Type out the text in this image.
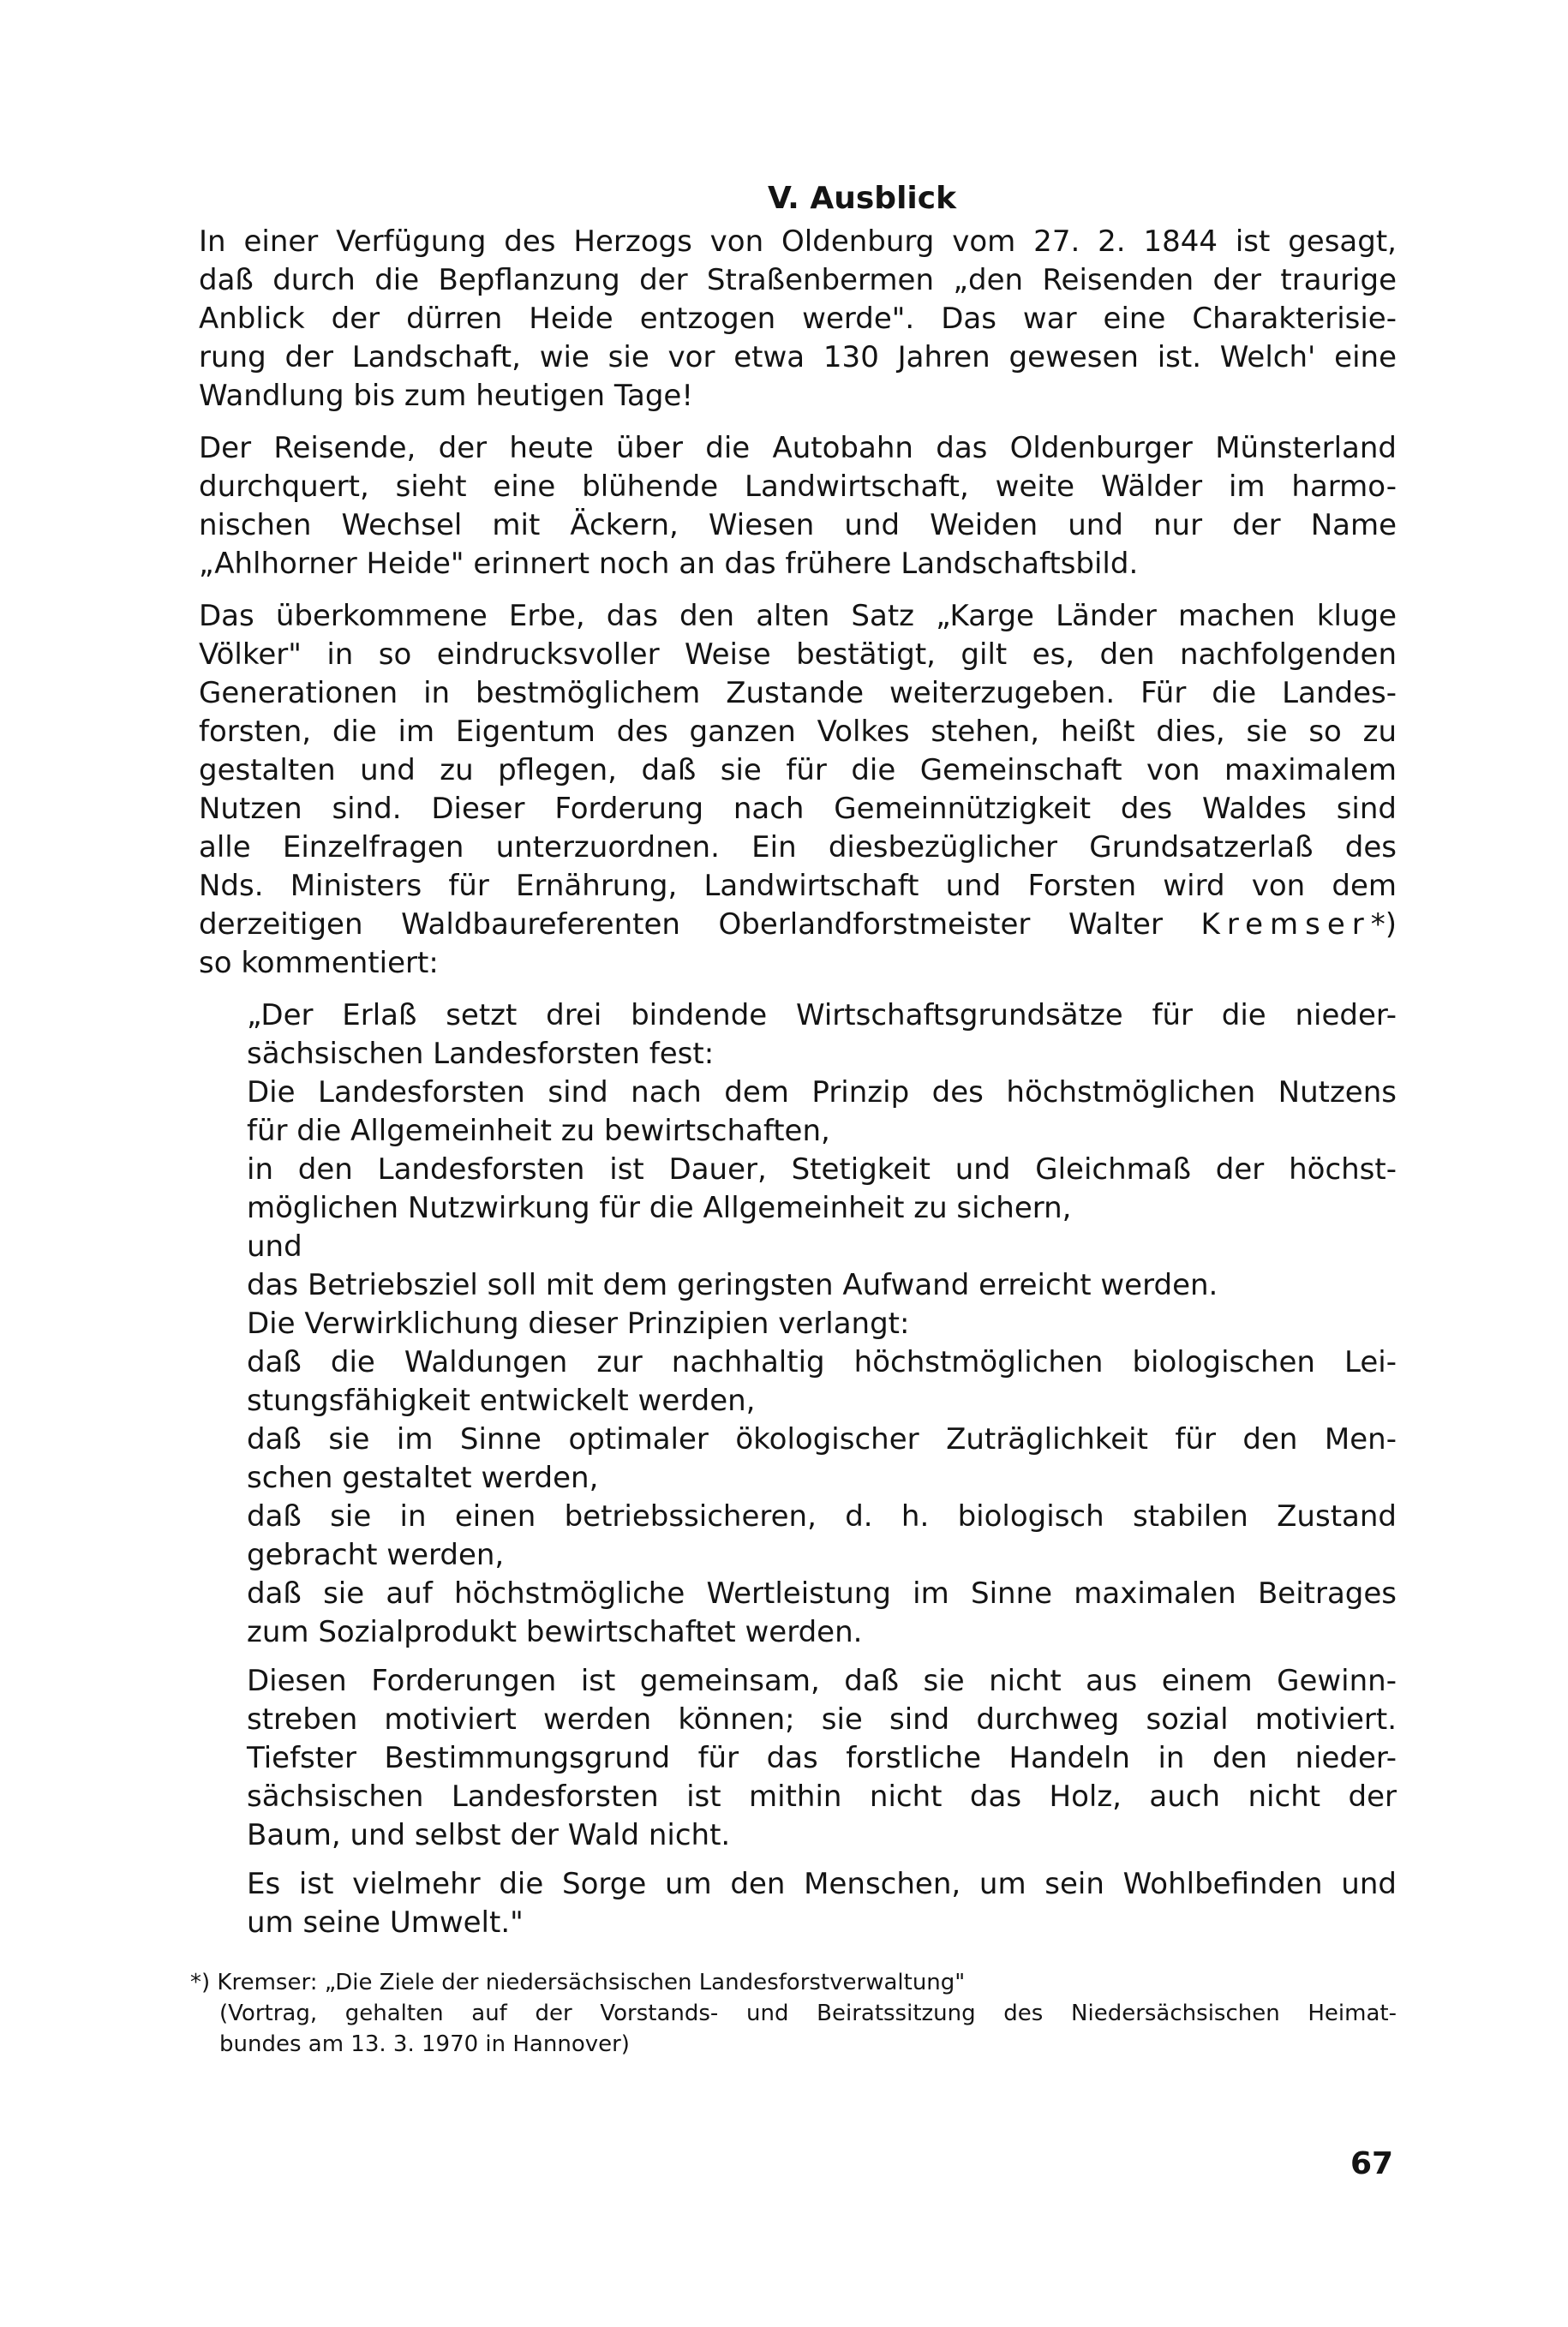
V. Ausblick
In einer Verfügung des Herzogs von Oldenburg vom 27. 2. 1844 ist gesagt,
daß durch die Bepflanzung der Straßenbermen „den Reisenden der traurige
Anblick der dürren Heide entzogen werde". Das war eine Charakterisie-
rung der Landschaft, wie sie vor etwa 130 Jahren gewesen ist. Welch' eine
Wandlung bis zum heutigen Tage!
Der Reisende, der heute über die Autobahn das Oldenburger Münsterland
durchquert, sieht eine blühende Landwirtschaft, weite Wälder im harmo-
nischen Wechsel mit Äckern, Wiesen und Weiden und nur der Name
„Ahlhorner Heide" erinnert noch an das frühere Landschaftsbild.
Das überkommene Erbe, das den alten Satz „Karge Länder machen kluge
Völker" in so eindrucksvoller Weise bestätigt, gilt es, den nachfolgenden
Generationen in bestmöglichem Zustande weiterzugeben. Für die Landes-
forsten, die im Eigentum des ganzen Volkes stehen, heißt dies, sie so zu
gestalten und zu pflegen, daß sie für die Gemeinschaft von maximalem
Nutzen sind. Dieser Forderung nach Gemeinnützigkeit des Waldes sind
alle Einzelfragen unterzuordnen. Ein diesbezüglicher Grundsatzerlaß des
Nds. Ministers für Ernährung, Landwirtschaft und Forsten wird von dem
derzeitigen Waldbaureferenten Oberlandforstmeister Walter Kremser*)
so kommentiert:
„Der Erlaß setzt drei bindende Wirtschaftsgrundsätze für die nieder-
sächsischen Landesforsten fest:
Die Landesforsten sind nach dem Prinzip des höchstmöglichen Nutzens
für die Allgemeinheit zu bewirtschaften,
in den Landesforsten ist Dauer, Stetigkeit und Gleichmaß der höchst-
möglichen Nutzwirkung für die Allgemeinheit zu sichern,
und
das Betriebsziel soll mit dem geringsten Aufwand erreicht werden.
Die Verwirklichung dieser Prinzipien verlangt:
daß die Waldungen zur nachhaltig höchstmöglichen biologischen Lei-
stungsfähigkeit entwickelt werden,
daß sie im Sinne optimaler ökologischer Zuträglichkeit für den Men-
schen gestaltet werden,
daß sie in einen betriebssicheren, d. h. biologisch stabilen Zustand
gebracht werden,
daß sie auf höchstmögliche Wertleistung im Sinne maximalen Beitrages
zum Sozialprodukt bewirtschaftet werden.
Diesen Forderungen ist gemeinsam, daß sie nicht aus einem Gewinn-
streben motiviert werden können; sie sind durchweg sozial motiviert.
Tiefster Bestimmungsgrund für das forstliche Handeln in den nieder-
sächsischen Landesforsten ist mithin nicht das Holz, auch nicht der
Baum, und selbst der Wald nicht.
Es ist vielmehr die Sorge um den Menschen, um sein Wohlbefinden und
um seine Umwelt."
*) Kremser: „Die Ziele der niedersächsischen Landesforstverwaltung"
(Vortrag, gehalten auf der Vorstands- und Beiratssitzung des Niedersächsischen Heimat-
bundes am 13. 3. 1970 in Hannover)
67
